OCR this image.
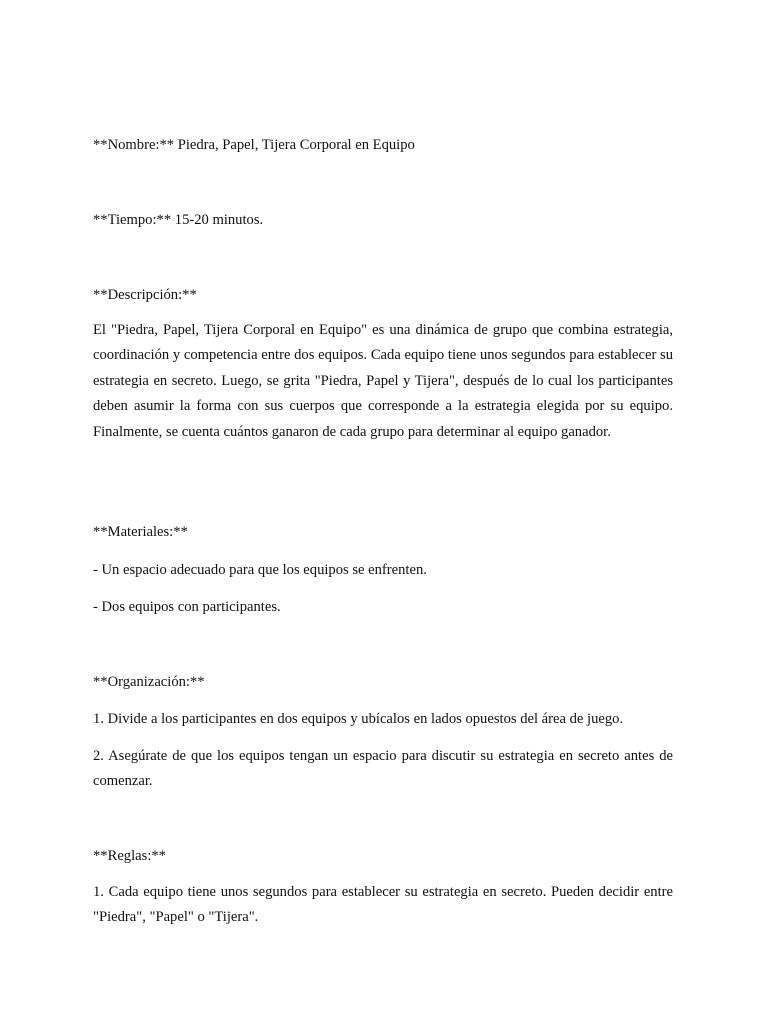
**Nombre:** Piedra, Papel, Tijera Corporal en Equipo
**Tiempo:** 15-20 minutos.
**Descripción:**
El "Piedra, Papel, Tijera Corporal en Equipo" es una dinámica de grupo que combina estrategia, coordinación y competencia entre dos equipos. Cada equipo tiene unos segundos para establecer su estrategia en secreto. Luego, se grita "Piedra, Papel y Tijera", después de lo cual los participantes deben asumir la forma con sus cuerpos que corresponde a la estrategia elegida por su equipo. Finalmente, se cuenta cuántos ganaron de cada grupo para determinar al equipo ganador.
**Materiales:**
- Un espacio adecuado para que los equipos se enfrenten.
- Dos equipos con participantes.
**Organización:**
1. Divide a los participantes en dos equipos y ubícalos en lados opuestos del área de juego.
2. Asegúrate de que los equipos tengan un espacio para discutir su estrategia en secreto antes de comenzar.
**Reglas:**
1. Cada equipo tiene unos segundos para establecer su estrategia en secreto. Pueden decidir entre "Piedra", "Papel" o "Tijera".
